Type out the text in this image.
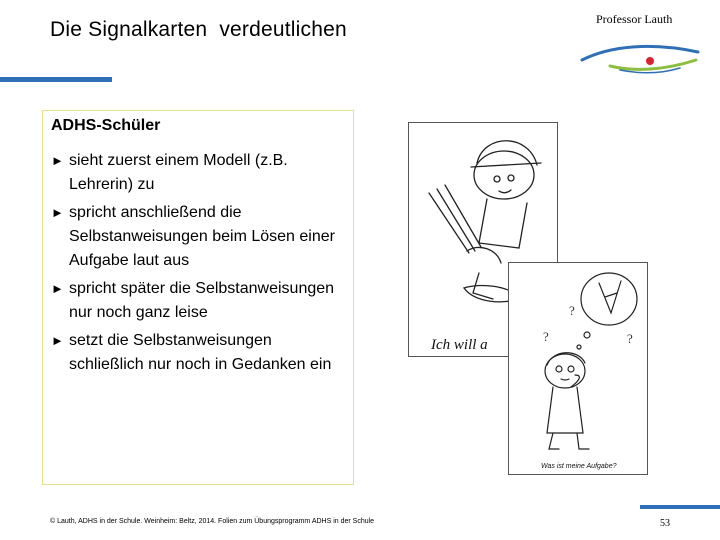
Die Signalkarten  verdeutlichen	Professor Lauth
ADHS-Schüler
► sieht zuerst einem Modell (z.B. Lehrerin) zu
► spricht anschließend die Selbstanweisungen beim Lösen einer Aufgabe laut aus
► spricht später die Selbstanweisungen nur noch ganz leise
► setzt die Selbstanweisungen schließlich nur noch in Gedanken ein
Ich will a
?
?	?
Was ist meine Aufgabe?
© Lauth, ADHS in der Schule. Weinheim: Beltz, 2014. Folien zum Übungsprogramm ADHS in der Schule	53
